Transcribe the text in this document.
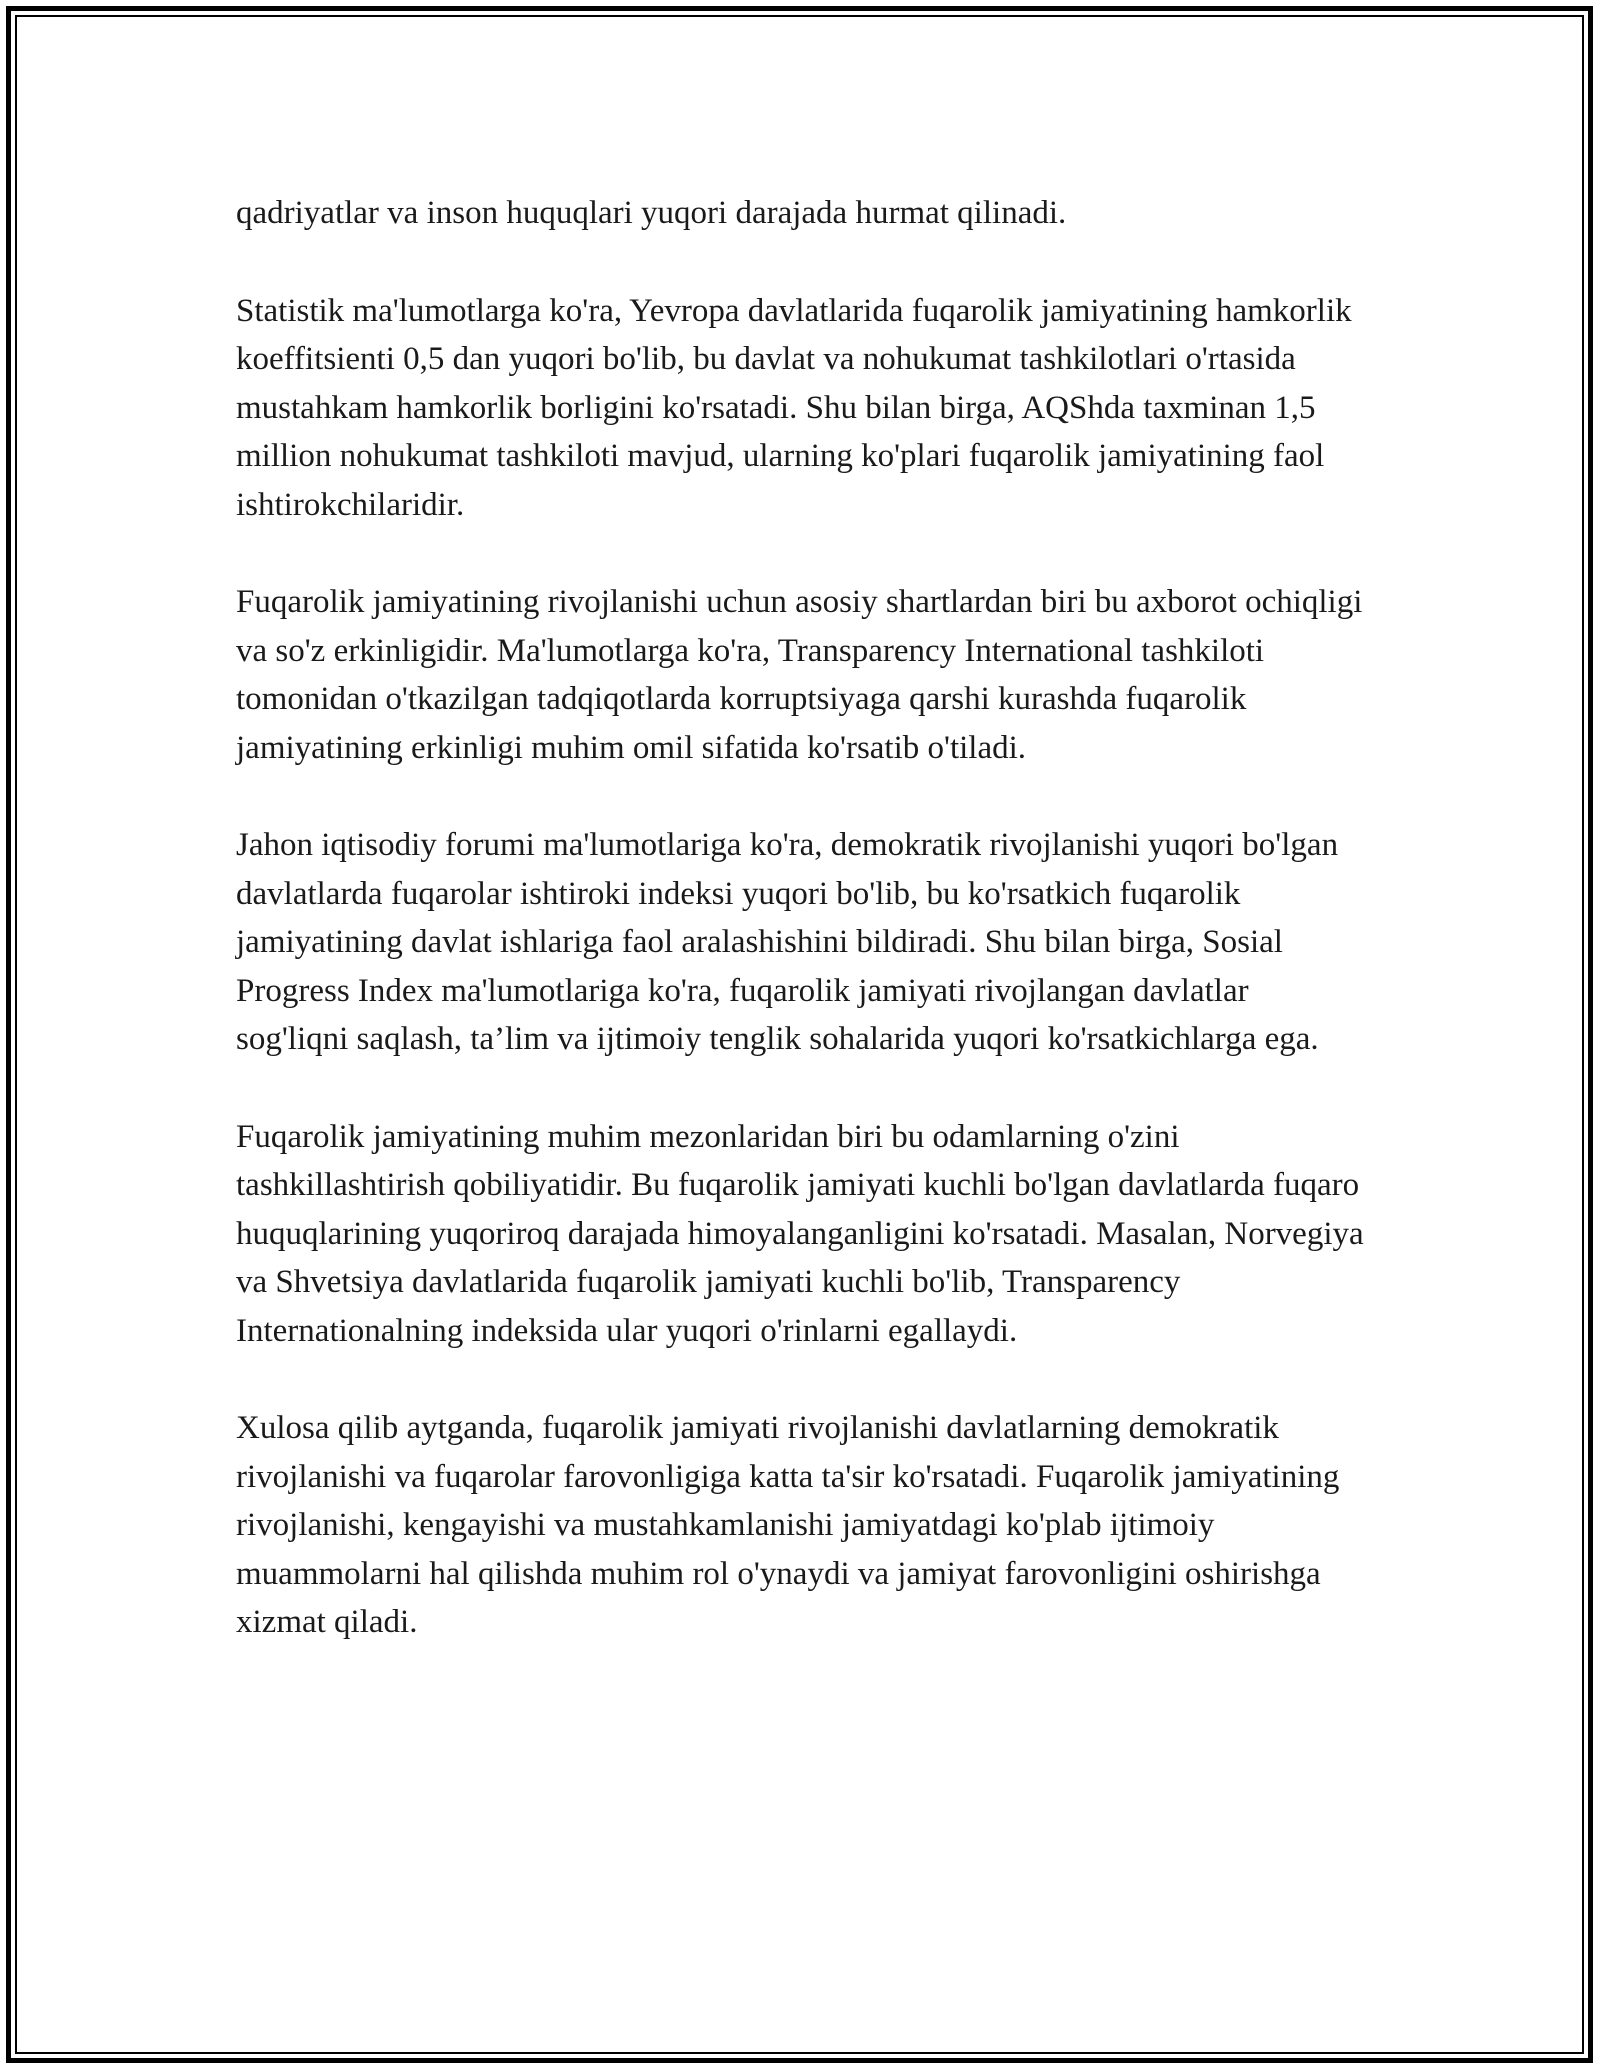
qadriyatlar va inson huquqlari yuqori darajada hurmat qilinadi.

Statistik ma'lumotlarga ko'ra, Yevropa davlatlarida fuqarolik jamiyatining hamkorlik koeffitsienti 0,5 dan yuqori bo'lib, bu davlat va nohukumat tashkilotlari o'rtasida mustahkam hamkorlik borligini ko'rsatadi. Shu bilan birga, AQShda taxminan 1,5 million nohukumat tashkiloti mavjud, ularning ko'plari fuqarolik jamiyatining faol ishtirokchilaridir.

Fuqarolik jamiyatining rivojlanishi uchun asosiy shartlardan biri bu axborot ochiqligi va so'z erkinligidir. Ma'lumotlarga ko'ra, Transparency International tashkiloti tomonidan o'tkazilgan tadqiqotlarda korruptsiyaga qarshi kurashda fuqarolik jamiyatining erkinligi muhim omil sifatida ko'rsatib o'tiladi.

Jahon iqtisodiy forumi ma'lumotlariga ko'ra, demokratik rivojlanishi yuqori bo'lgan davlatlarda fuqarolar ishtiroki indeksi yuqori bo'lib, bu ko'rsatkich fuqarolik jamiyatining davlat ishlariga faol aralashishini bildiradi. Shu bilan birga, Sosial Progress Index ma'lumotlariga ko'ra, fuqarolik jamiyati rivojlangan davlatlar sog'liqni saqlash, ta’lim va ijtimoiy tenglik sohalarida yuqori ko'rsatkichlarga ega.

Fuqarolik jamiyatining muhim mezonlaridan biri bu odamlarning o'zini tashkillashtirish qobiliyatidir. Bu fuqarolik jamiyati kuchli bo'lgan davlatlarda fuqaro huquqlarining yuqoriroq darajada himoyalanganligini ko'rsatadi. Masalan, Norvegiya va Shvetsiya davlatlarida fuqarolik jamiyati kuchli bo'lib, Transparency Internationalning indeksida ular yuqori o'rinlarni egallaydi.

Xulosa qilib aytganda, fuqarolik jamiyati rivojlanishi davlatlarning demokratik rivojlanishi va fuqarolar farovonligiga katta ta'sir ko'rsatadi. Fuqarolik jamiyatining rivojlanishi, kengayishi va mustahkamlanishi jamiyatdagi ko'plab ijtimoiy muammolarni hal qilishda muhim rol o'ynaydi va jamiyat farovonligini oshirishga xizmat qiladi.
